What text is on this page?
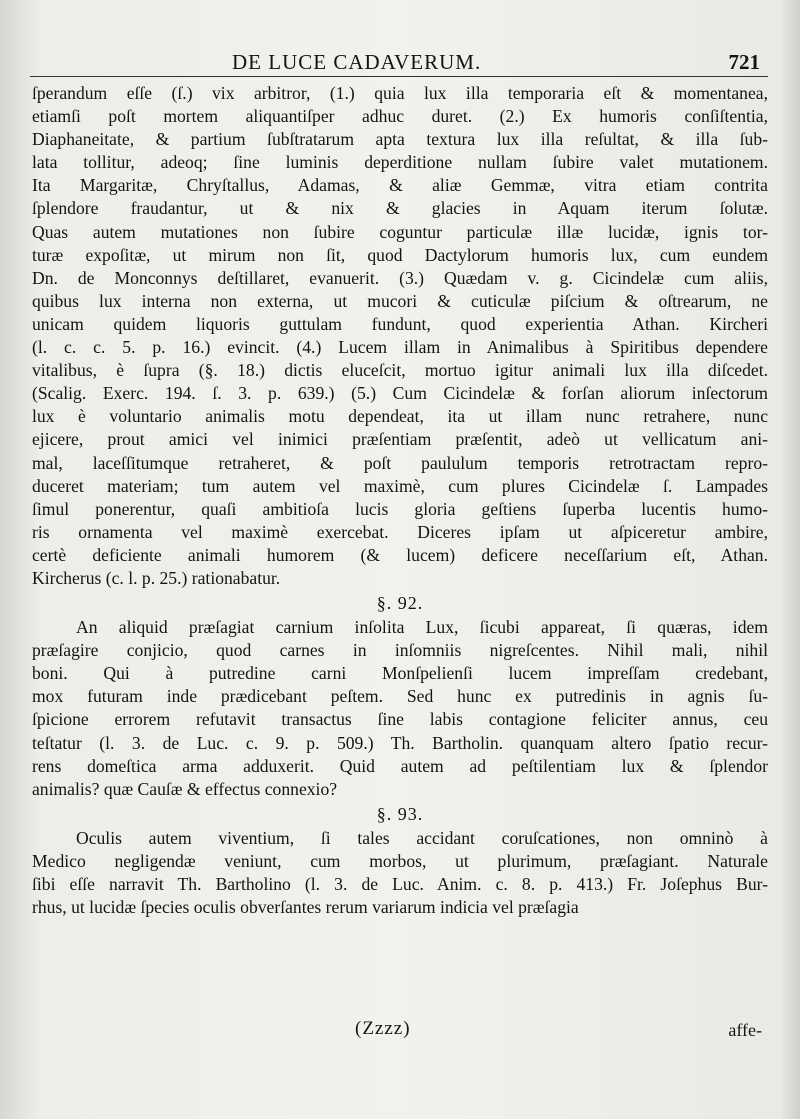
DE LUCE CADAVERUM.	721
ſperandum eſſe (ſ.) vix arbitror, (1.) quia lux illa temporaria eſt & momentanea,
etiamſi poſt mortem aliquantiſper adhuc duret. (2.) Ex humoris conſiſtentia,
Diaphaneitate, & partium ſubſtratarum apta textura lux illa reſultat, & illa ſub-
lata tollitur, adeoq; ſine luminis deperditione nullam ſubire valet mutationem.
Ita Margaritæ, Chryſtallus, Adamas, & aliæ Gemmæ, vitra etiam contrita
ſplendore fraudantur, ut & nix & glacies in Aquam iterum ſolutæ.
Quas autem mutationes non ſubire coguntur particulæ illæ lucidæ, ignis tor-
turæ expoſitæ, ut mirum non ſit, quod Dactylorum humoris lux, cum eundem
Dn. de Monconnys deſtillaret, evanuerit. (3.) Quædam v. g. Cicindelæ cum aliis,
quibus lux interna non externa, ut mucori & cuticulæ piſcium & oſtrearum, ne
unicam quidem liquoris guttulam fundunt, quod experientia Athan. Kircheri
(l. c. c. 5. p. 16.) evincit. (4.) Lucem illam in Animalibus à Spiritibus dependere
vitalibus, è ſupra (§. 18.) dictis eluceſcit, mortuo igitur animali lux illa diſcedet.
(Scalig. Exerc. 194. ſ. 3. p. 639.) (5.) Cum Cicindelæ & forſan aliorum inſectorum
lux è voluntario animalis motu dependeat, ita ut illam nunc retrahere, nunc
ejicere, prout amici vel inimici præſentiam præſentit, adeò ut vellicatum ani-
mal, laceſſitumque retraheret, & poſt paululum temporis retrotractam repro-
duceret materiam; tum autem vel maximè, cum plures Cicindelæ ſ. Lampades
ſimul ponerentur, quaſi ambitioſa lucis gloria geſtiens ſuperba lucentis humo-
ris ornamenta vel maximè exercebat. Diceres ipſam ut aſpiceretur ambire,
certè deficiente animali humorem (& lucem) deficere neceſſarium eſt, Athan.
Kircherus (c. l. p. 25.) rationabatur.
§. 92.
An aliquid præſagiat carnium inſolita Lux, ſicubi appareat, ſi quæras, idem
præſagire conjicio, quod carnes in inſomniis nigreſcentes. Nihil mali, nihil
boni. Qui à putredine carni Monſpelienſi lucem impreſſam credebant,
mox futuram inde prædicebant peſtem. Sed hunc ex putredinis in agnis ſu-
ſpicione errorem refutavit transactus ſine labis contagione feliciter annus, ceu
teſtatur (l. 3. de Luc. c. 9. p. 509.) Th. Bartholin. quanquam altero ſpatio recur-
rens domeſtica arma adduxerit. Quid autem ad peſtilentiam lux & ſplendor
animalis? quæ Cauſæ & effectus connexio?
§. 93.
Oculis autem viventium, ſi tales accidant coruſcationes, non omninò à
Medico negligendæ veniunt, cum morbos, ut plurimum, præſagiant. Naturale
ſibi eſſe narravit Th. Bartholino (l. 3. de Luc. Anim. c. 8. p. 413.) Fr. Joſephus Bur-
rhus, ut lucidæ ſpecies oculis obverſantes rerum variarum indicia vel præſagia
(Zzzz)	affe-
